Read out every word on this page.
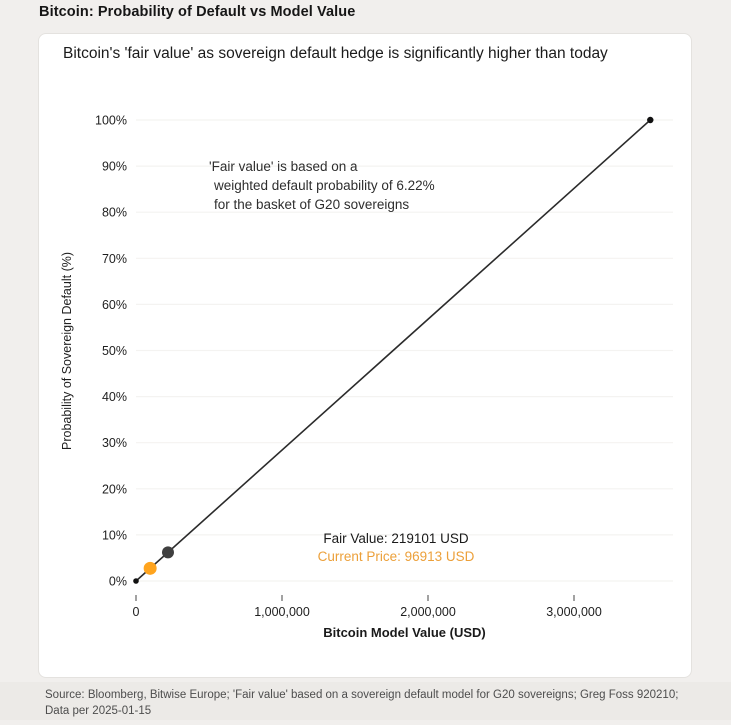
Bitcoin: Probability of Default vs Model Value
Bitcoin's 'fair value' as sovereign default hedge is significantly higher than today
0%
10%
20%
30%
40%
50%
60%
70%
80%
90%
100%
0	1,000,000	2,000,000	3,000,000
Probability of Sovereign Default (%)
Bitcoin Model Value (USD)
'Fair value' is based on a
weighted default probability of 6.22%
for the basket of G20 sovereigns
Fair Value: 219101 USD
Current Price: 96913 USD
Source: Bloomberg, Bitwise Europe; 'Fair value' based on a sovereign default model for G20 sovereigns; Greg Foss 920210; Data per 2025-01-15
